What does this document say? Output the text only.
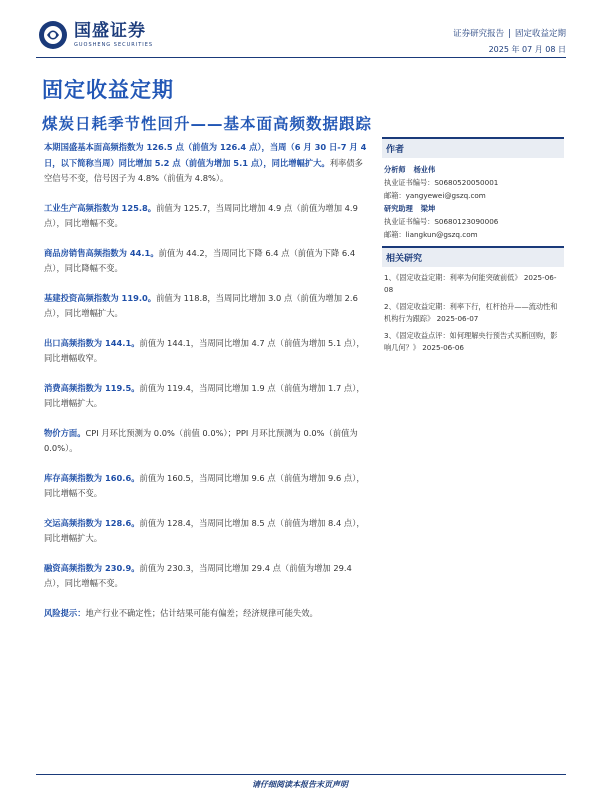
国盛证券
GUOSHENG SECURITIES
证券研究报告 | 固定收益定期
2025 年 07 月 08 日
固定收益定期
煤炭日耗季节性回升——基本面高频数据跟踪

本期国盛基本面高频指数为 126.5 点（前值为 126.4 点），当周（6 月 30 日-7 月 4 日，以下简称当周）同比增加 5.2 点（前值为增加 5.1 点），同比增幅扩大。利率债多空信号不变，信号因子为 4.8%（前值为 4.8%）。

工业生产高频指数为 125.8。前值为 125.7，当周同比增加 4.9 点（前值为增加 4.9 点），同比增幅不变。

商品房销售高频指数为 44.1。前值为 44.2，当周同比下降 6.4 点（前值为下降 6.4 点），同比降幅不变。

基建投资高频指数为 119.0。前值为 118.8，当周同比增加 3.0 点（前值为增加 2.6 点），同比增幅扩大。

出口高频指数为 144.1。前值为 144.1，当周同比增加 4.7 点（前值为增加 5.1 点），同比增幅收窄。

消费高频指数为 119.5。前值为 119.4，当周同比增加 1.9 点（前值为增加 1.7 点），同比增幅扩大。

物价方面。CPI 月环比预测为 0.0%（前值 0.0%）；PPI 月环比预测为 0.0%（前值为 0.0%）。

库存高频指数为 160.6。前值为 160.5，当周同比增加 9.6 点（前值为增加 9.6 点），同比增幅不变。

交运高频指数为 128.6。前值为 128.4，当周同比增加 8.5 点（前值为增加 8.4 点），同比增幅扩大。

融资高频指数为 230.9。前值为 230.3，当周同比增加 29.4 点（前值为增加 29.4 点），同比增幅不变。

风险提示：地产行业不确定性；估计结果可能有偏差；经济规律可能失效。

作者
分析师 杨业伟
执业证书编号：S0680520050001
邮箱：yangyewei@gszq.com
研究助理 梁坤
执业证书编号：S0680123090006
邮箱：liangkun@gszq.com
相关研究
1、《固定收益定期：利率为何能突破前低》 2025-06-08
2、《固定收益定期：利率下行，杠杆抬升——流动性和机构行为跟踪》 2025-06-07
3、《固定收益点评：如何理解央行预告式买断回购，影响几何？》 2025-06-06
请仔细阅读本报告末页声明
